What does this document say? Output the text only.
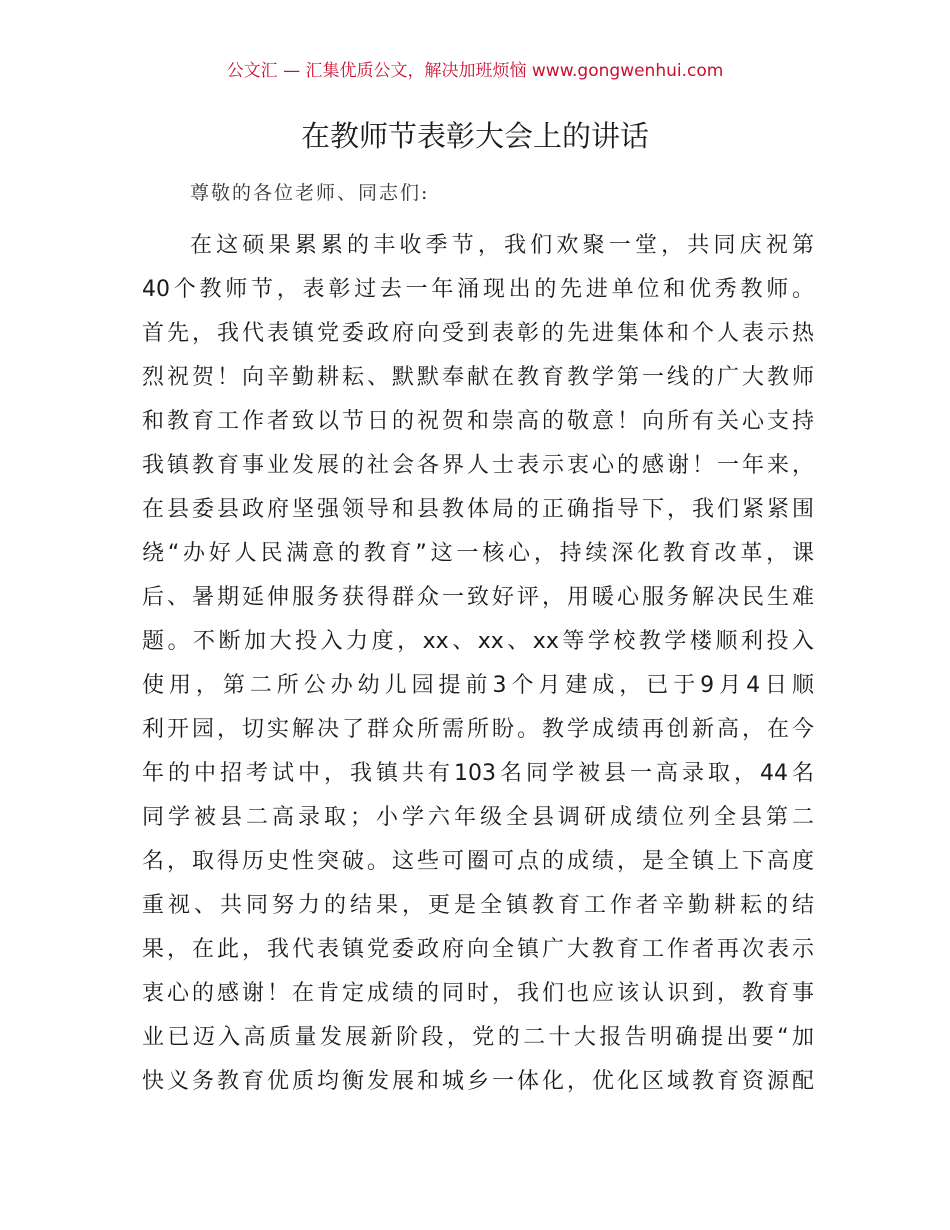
公文汇 — 汇集优质公文，解决加班烦恼 www.gongwenhui.com
在教师节表彰大会上的讲话
尊敬的各位老师、同志们:
在这硕果累累的丰收季节，我们欢聚一堂，共同庆祝第
40个教师节，表彰过去一年涌现出的先进单位和优秀教师。
首先，我代表镇党委政府向受到表彰的先进集体和个人表示热
烈祝贺！向辛勤耕耘、默默奉献在教育教学第一线的广大教师
和教育工作者致以节日的祝贺和崇高的敬意！向所有关心支持
我镇教育事业发展的社会各界人士表示衷心的感谢！一年来，
在县委县政府坚强领导和县教体局的正确指导下，我们紧紧围
绕“办好人民满意的教育”这一核心，持续深化教育改革，课
后、暑期延伸服务获得群众一致好评，用暖心服务解决民生难
题。不断加大投入力度，xx、xx、xx等学校教学楼顺利投入
使用，第二所公办幼儿园提前3个月建成，已于9月4日顺
利开园，切实解决了群众所需所盼。教学成绩再创新高，在今
年的中招考试中，我镇共有103名同学被县一高录取，44名
同学被县二高录取；小学六年级全县调研成绩位列全县第二
名，取得历史性突破。这些可圈可点的成绩，是全镇上下高度
重视、共同努力的结果，更是全镇教育工作者辛勤耕耘的结
果，在此，我代表镇党委政府向全镇广大教育工作者再次表示
衷心的感谢！在肯定成绩的同时，我们也应该认识到，教育事
业已迈入高质量发展新阶段，党的二十大报告明确提出要“加
快义务教育优质均衡发展和城乡一体化，优化区域教育资源配
